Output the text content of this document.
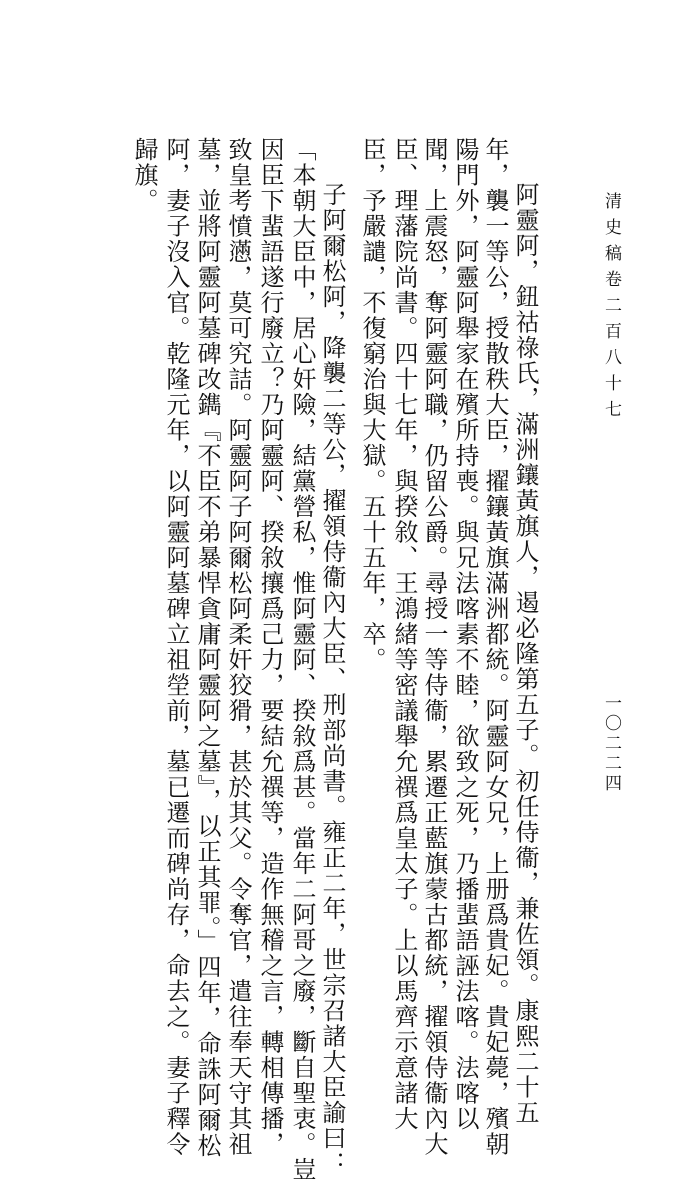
清史稿卷二百八十七
一〇二二四
阿靈阿，鈕祜祿氏，滿洲鑲黃旗人，遏必隆第五子。初任侍衞，兼佐領。康熙二十五
年，襲一等公，授散秩大臣，擢鑲黃旗滿洲都統。阿靈阿女兄，上册爲貴妃。貴妃薨，殯朝
陽門外，阿靈阿舉家在殯所持喪。與兄法喀素不睦，欲致之死，乃播蜚語誣法喀。法喀以
聞，上震怒，奪阿靈阿職，仍留公爵。尋授一等侍衞，累遷正藍旗蒙古都統，擢領侍衞內大
臣、理藩院尚書。四十七年，與揆敘、王鴻緒等密議舉允禩爲皇太子。上以馬齊示意諸大
臣，予嚴譴，不復窮治與大獄。五十五年，卒。
子阿爾松阿，降襲二等公，擢領侍衞內大臣、刑部尚書。雍正二年，世宗召諸大臣諭曰：
「本朝大臣中，居心奸險，結黨營私，惟阿靈阿、揆敘爲甚。當年二阿哥之廢，斷自聖衷。豈
因臣下蜚語遂行廢立？乃阿靈阿、揆敘攘爲己力，要結允禩等，造作無稽之言，轉相傳播，
致皇考憤懣，莫可究詰。阿靈阿子阿爾松阿柔奸狡猾，甚於其父。令奪官，遣往奉天守其祖
墓，並將阿靈阿墓碑改鐫『不臣不弟暴悍貪庸阿靈阿之墓』，以正其罪。」四年，命誅阿爾松
阿，妻子沒入官。乾隆元年，以阿靈阿墓碑立祖塋前，墓已遷而碑尚存，命去之。妻子釋令
歸旗。
